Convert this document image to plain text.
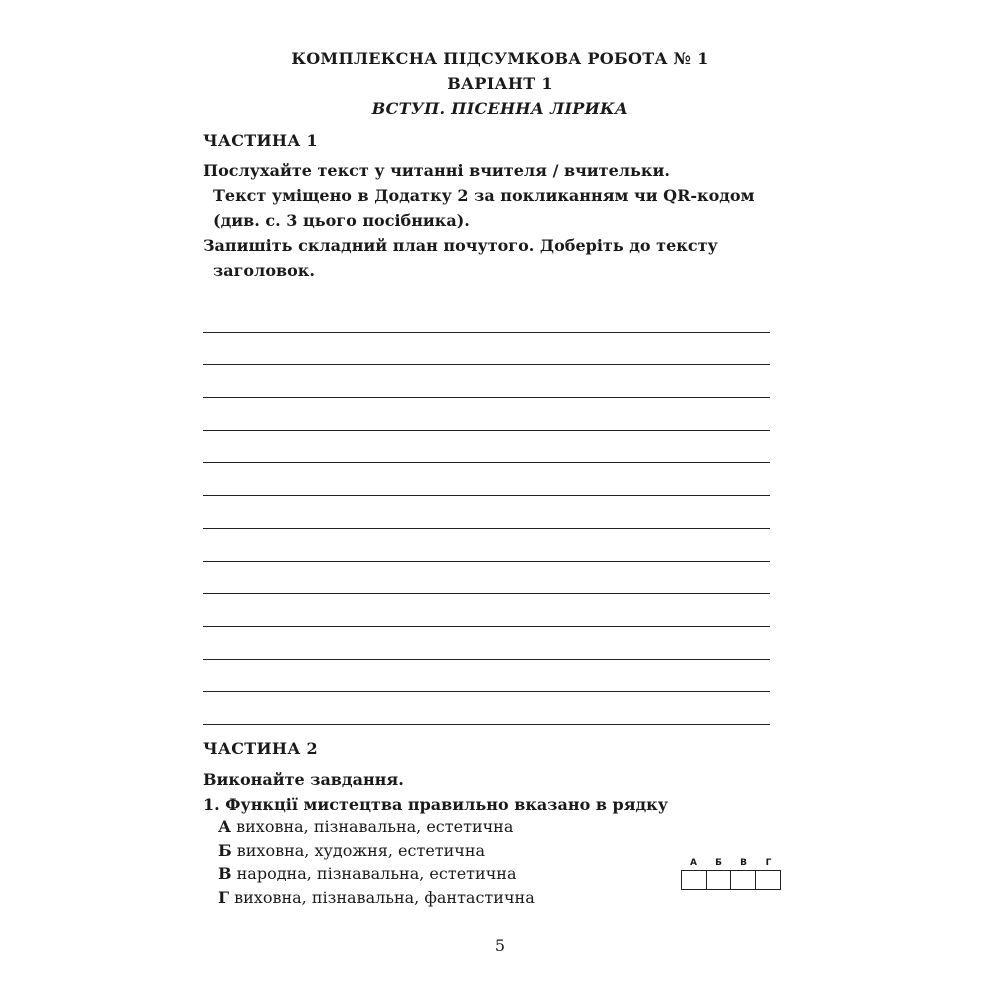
КОМПЛЕКСНА ПІДСУМКОВА РОБОТА № 1
ВАРІАНТ 1
ВСТУП. ПІСЕННА ЛІРИКА
ЧАСТИНА 1
Послухайте текст у читанні вчителя / вчительки.
Текст уміщено в Додатку 2 за покликанням чи QR-кодом
(див. с. 3 цього посібника).
Запишіть складний план почутого. Доберіть до тексту
заголовок.
ЧАСТИНА 2
Виконайте завдання.
1. Функції мистецтва правильно вказано в рядку
А виховна, пізнавальна, естетична
Б виховна, художня, естетична
В народна, пізнавальна, естетична
Г виховна, пізнавальна, фантастична
А	Б	В	Г
5
